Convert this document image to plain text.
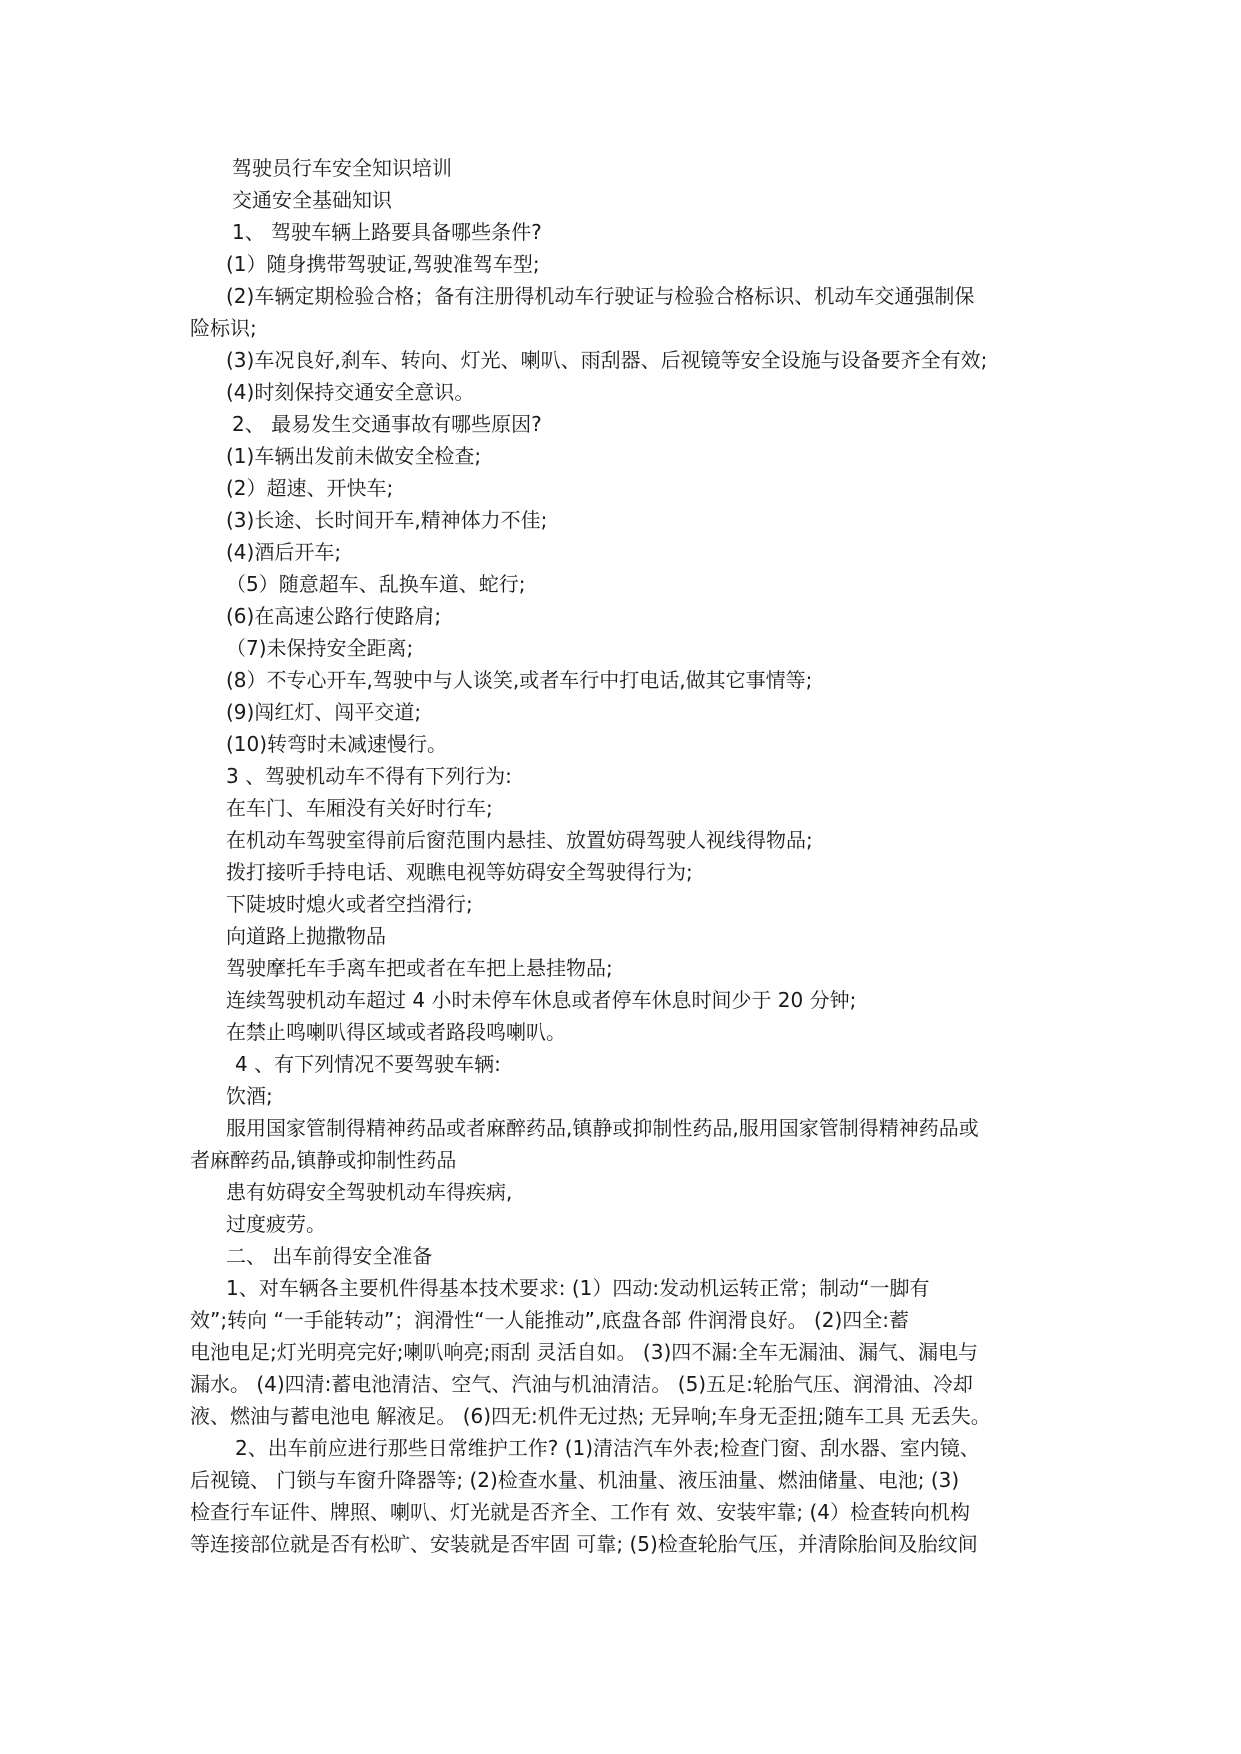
驾驶员行车安全知识培训
交通安全基础知识
1、 驾驶车辆上路要具备哪些条件?
(1）随身携带驾驶证,驾驶准驾车型;
(2)车辆定期检验合格；备有注册得机动车行驶证与检验合格标识、机动车交通强制保
险标识;
(3)车况良好,刹车、转向、灯光、喇叭、雨刮器、后视镜等安全设施与设备要齐全有效;
(4)时刻保持交通安全意识。
2、 最易发生交通事故有哪些原因?
(1)车辆出发前未做安全检查;
(2）超速、开快车;
(3)长途、长时间开车,精神体力不佳;
(4)酒后开车;
（5）随意超车、乱换车道、蛇行;
(6)在高速公路行使路肩;
（7)未保持安全距离;
(8）不专心开车,驾驶中与人谈笑,或者车行中打电话,做其它事情等;
(9)闯红灯、闯平交道;
(10)转弯时未减速慢行。
3 、驾驶机动车不得有下列行为:
在车门、车厢没有关好时行车;
在机动车驾驶室得前后窗范围内悬挂、放置妨碍驾驶人视线得物品;
拨打接听手持电话、观瞧电视等妨碍安全驾驶得行为;
下陡坡时熄火或者空挡滑行;
向道路上抛撒物品
驾驶摩托车手离车把或者在车把上悬挂物品;
连续驾驶机动车超过 4 小时未停车休息或者停车休息时间少于 20 分钟;
在禁止鸣喇叭得区域或者路段鸣喇叭。
4 、有下列情况不要驾驶车辆:
饮酒;
服用国家管制得精神药品或者麻醉药品,镇静或抑制性药品,服用国家管制得精神药品或
者麻醉药品,镇静或抑制性药品
患有妨碍安全驾驶机动车得疾病,
过度疲劳。
二、 出车前得安全准备
1、对车辆各主要机件得基本技术要求: (1）四动:发动机运转正常；制动“一脚有
效”;转向 “一手能转动”；润滑性“一人能推动”,底盘各部 件润滑良好。 (2)四全:蓄
电池电足;灯光明亮完好;喇叭响亮;雨刮 灵活自如。 (3)四不漏:全车无漏油、漏气、漏电与
漏水。 (4)四清:蓄电池清洁、空气、汽油与机油清洁。 (5)五足:轮胎气压、润滑油、冷却
液、燃油与蓄电池电 解液足。 (6)四无:机件无过热; 无异响;车身无歪扭;随车工具 无丢失。
2、出车前应进行那些日常维护工作? (1)清洁汽车外表;检查门窗、刮水器、室内镜、
后视镜、 门锁与车窗升降器等; (2)检查水量、机油量、液压油量、燃油储量、电池; (3)
检查行车证件、牌照、喇叭、灯光就是否齐全、工作有 效、安装牢靠; (4）检查转向机构
等连接部位就是否有松旷、安装就是否牢固 可靠; (5)检查轮胎气压，并清除胎间及胎纹间
